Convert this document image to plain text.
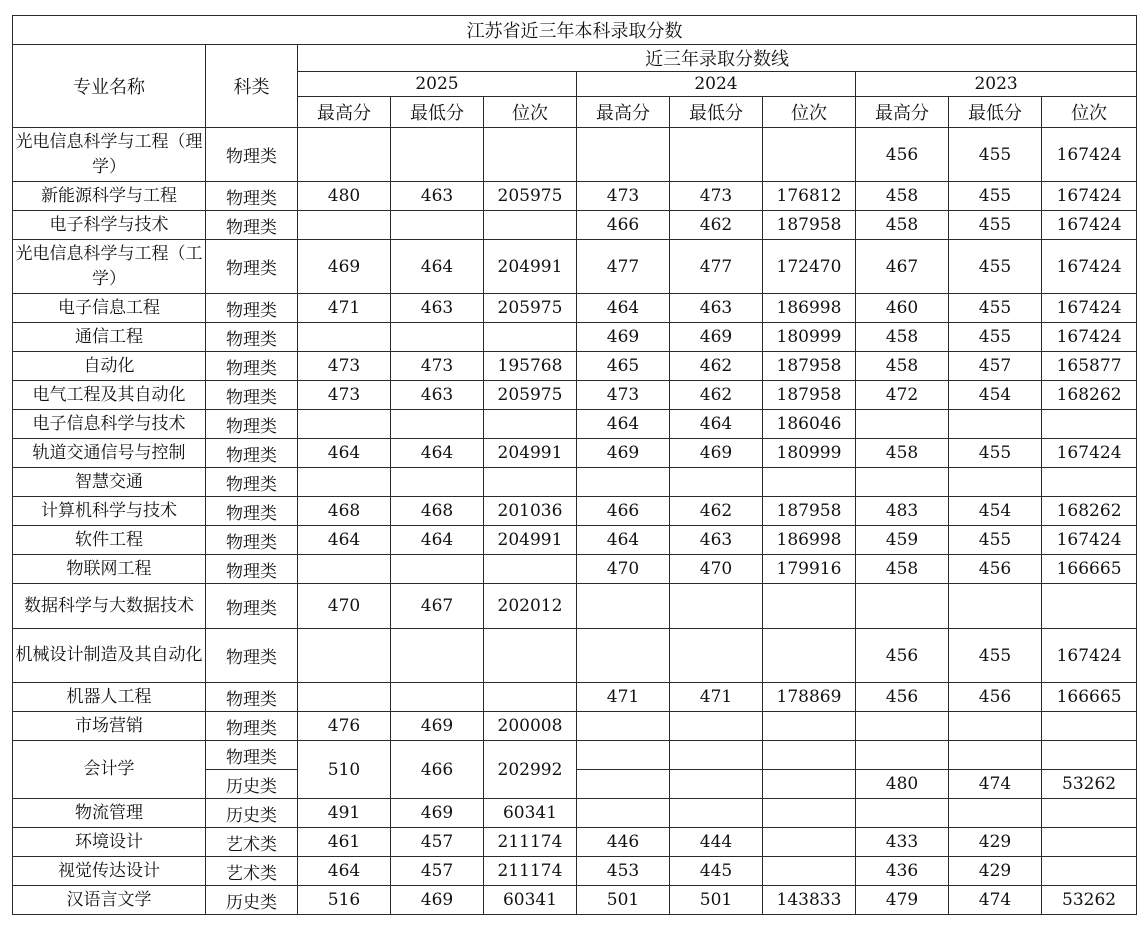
江苏省近三年本科录取分数										
专业名称	科类	近三年录取分数线								
		2025			2024			2023		
		最高分	最低分	位次	最高分	最低分	位次	最高分	最低分	位次
光电信息科学与工程（理学）	物理类							456	455	167424
新能源科学与工程	物理类	480	463	205975	473	473	176812	458	455	167424
电子科学与技术	物理类				466	462	187958	458	455	167424
光电信息科学与工程（工学）	物理类	469	464	204991	477	477	172470	467	455	167424
电子信息工程	物理类	471	463	205975	464	463	186998	460	455	167424
通信工程	物理类				469	469	180999	458	455	167424
自动化	物理类	473	473	195768	465	462	187958	458	457	165877
电气工程及其自动化	物理类	473	463	205975	473	462	187958	472	454	168262
电子信息科学与技术	物理类				464	464	186046			
轨道交通信号与控制	物理类	464	464	204991	469	469	180999	458	455	167424
智慧交通	物理类									
计算机科学与技术	物理类	468	468	201036	466	462	187958	483	454	168262
软件工程	物理类	464	464	204991	464	463	186998	459	455	167424
物联网工程	物理类				470	470	179916	458	456	166665
数据科学与大数据技术	物理类	470	467	202012						
机械设计制造及其自动化	物理类							456	455	167424
机器人工程	物理类				471	471	178869	456	456	166665
市场营销	物理类	476	469	200008						
会计学	物理类	510	466	202992						
	历史类							480	474	53262
物流管理	历史类	491	469	60341						
环境设计	艺术类	461	457	211174	446	444		433	429	
视觉传达设计	艺术类	464	457	211174	453	445		436	429	
汉语言文学	历史类	516	469	60341	501	501	143833	479	474	53262
